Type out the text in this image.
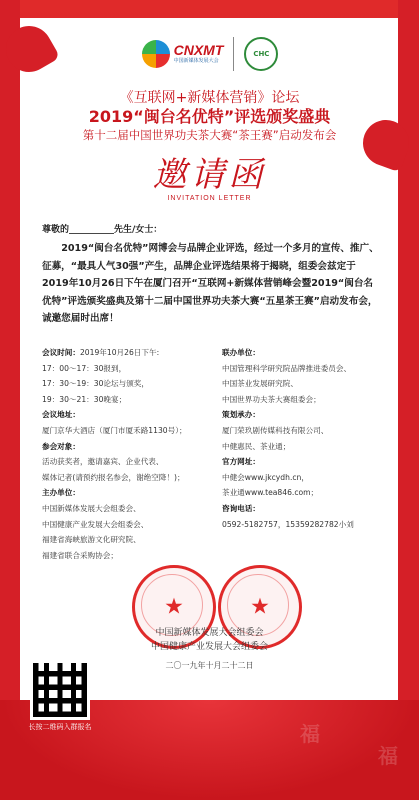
CNXMT
中国新媒体发展大会
CHC
《互联网+新媒体营销》论坛
2019“闽台名优特”评选颁奖盛典
第十二届中国世界功夫茶大赛“茶王赛”启动发布会
邀请函
INVITATION LETTER
尊敬的__________先生/女士：
2019“闽台名优特”网博会与品牌企业评选，经过一个多月的宣传、推广、征募，“最具人气30强”产生，品牌企业评选结果将于揭晓，组委会兹定于2019年10月26日下午在厦门召开“互联网+新媒体营销峰会暨2019“闽台名优特”评选颁奖盛典及第十二届中国世界功夫茶大赛“五星茶王赛”启动发布会，诚邀您届时出席！
会议时间：2019年10月26日下午:
17：00～17：30报到，
17：30～19：30论坛与颁奖，
19：30～21：30晚宴；
会议地址：
厦门京华大酒店（厦门市厦禾路1130号）；
参会对象：
活动获奖者，邀请嘉宾、企业代表、
媒体记者(请预约报名参会，谢绝空降！)；
主办单位：
中国新媒体发展大会组委会、
中国健康产业发展大会组委会、
福建省海峡旅游文化研究院、
福建省联合采购协会；
联办单位：
中国管理科学研究院品牌推进委员会、
中国茶业发展研究院、
中国世界功夫茶大赛组委会；
策划承办：
厦门荣玖剧传媒科技有限公司、
中健惠民、茶业通；
官方网址：
中健会www.jkcydh.cn，
茶业通www.tea846.com；
咨询电话：
0592-5182757，15359282782小刘
★	★
中国新媒体发展大会组委会
中国健康产业发展大会组委会
二〇一九年十月二十二日
福
福
福
长按二维码入群报名
